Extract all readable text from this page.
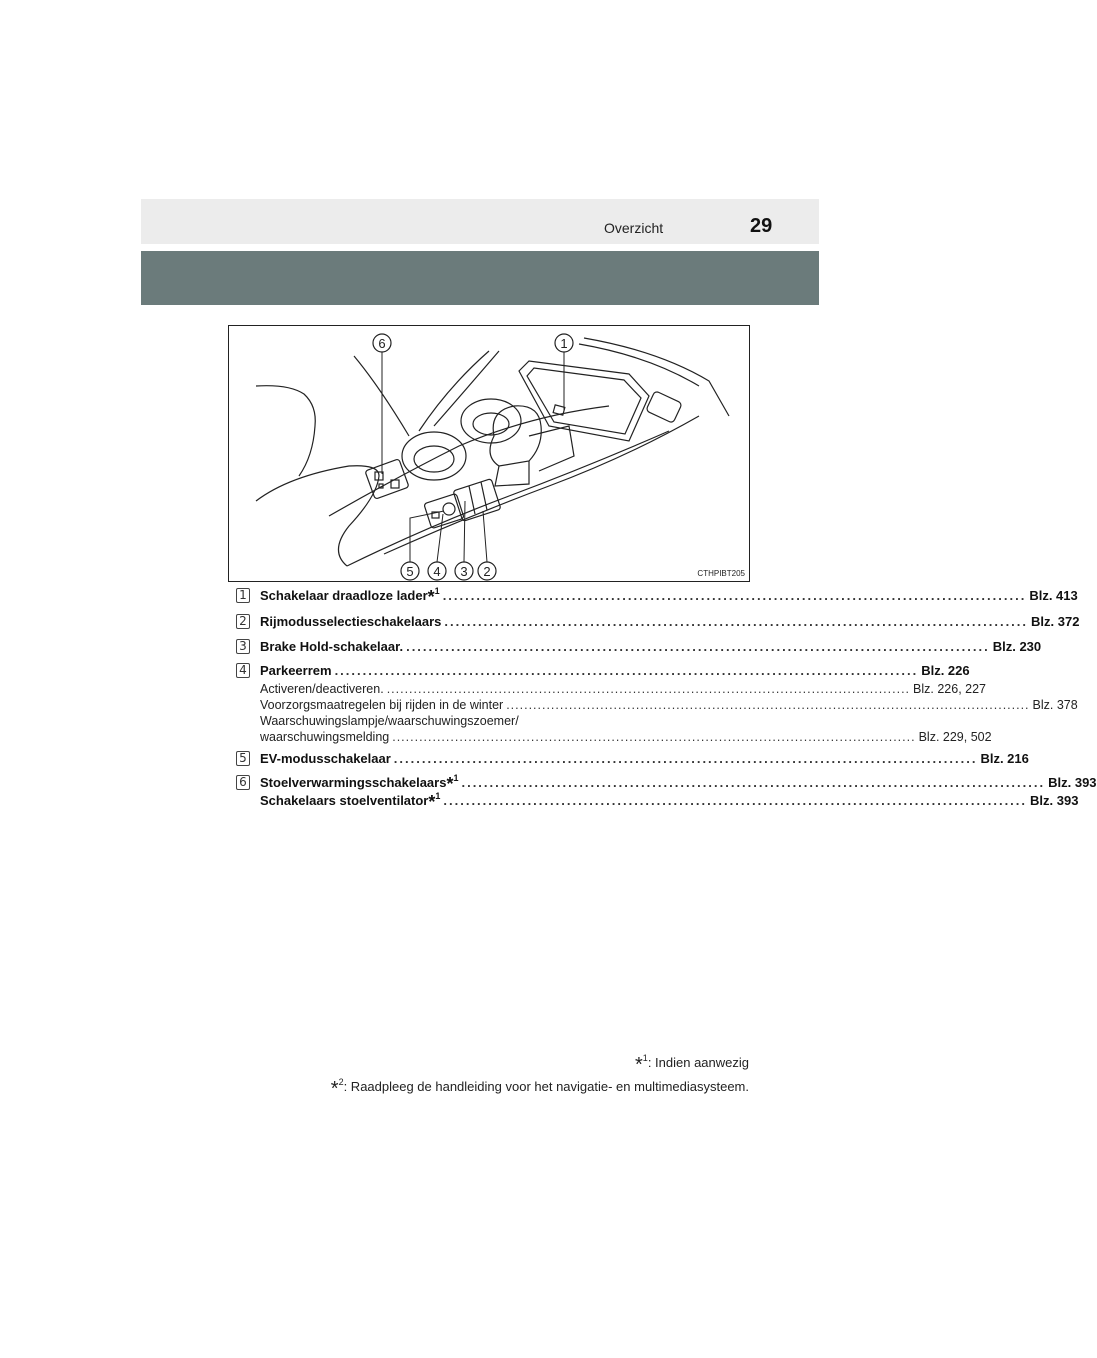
Overzicht	29
6	1
5 4 3 2	CTHPIBT205
1 Schakelaar draadloze lader*$^1$ ........................................................................................................ Blz. 413
2 Rijmodusselectieschakelaars ........................................................................................................ Blz. 372
3 Brake Hold-schakelaar. ........................................................................................................ Blz. 230
4 Parkeerrem ........................................................................................................ Blz. 226
Activeren/deactiveren. ..................................................................................................................... Blz. 226, 227
Voorzorgsmaatregelen bij rijden in de winter ..................................................................................................................... Blz. 378
Waarschuwingslampje/waarschuwingszoemer/
waarschuwingsmelding ..................................................................................................................... Blz. 229, 502
5 EV-modusschakelaar ........................................................................................................ Blz. 216
6 Stoelverwarmingsschakelaars*$^1$ ........................................................................................................ Blz. 393
Schakelaars stoelventilator*$^1$ ........................................................................................................ Blz. 393
*$^1$: Indien aanwezig
*$^2$: Raadpleeg de handleiding voor het navigatie- en multimediasysteem.
